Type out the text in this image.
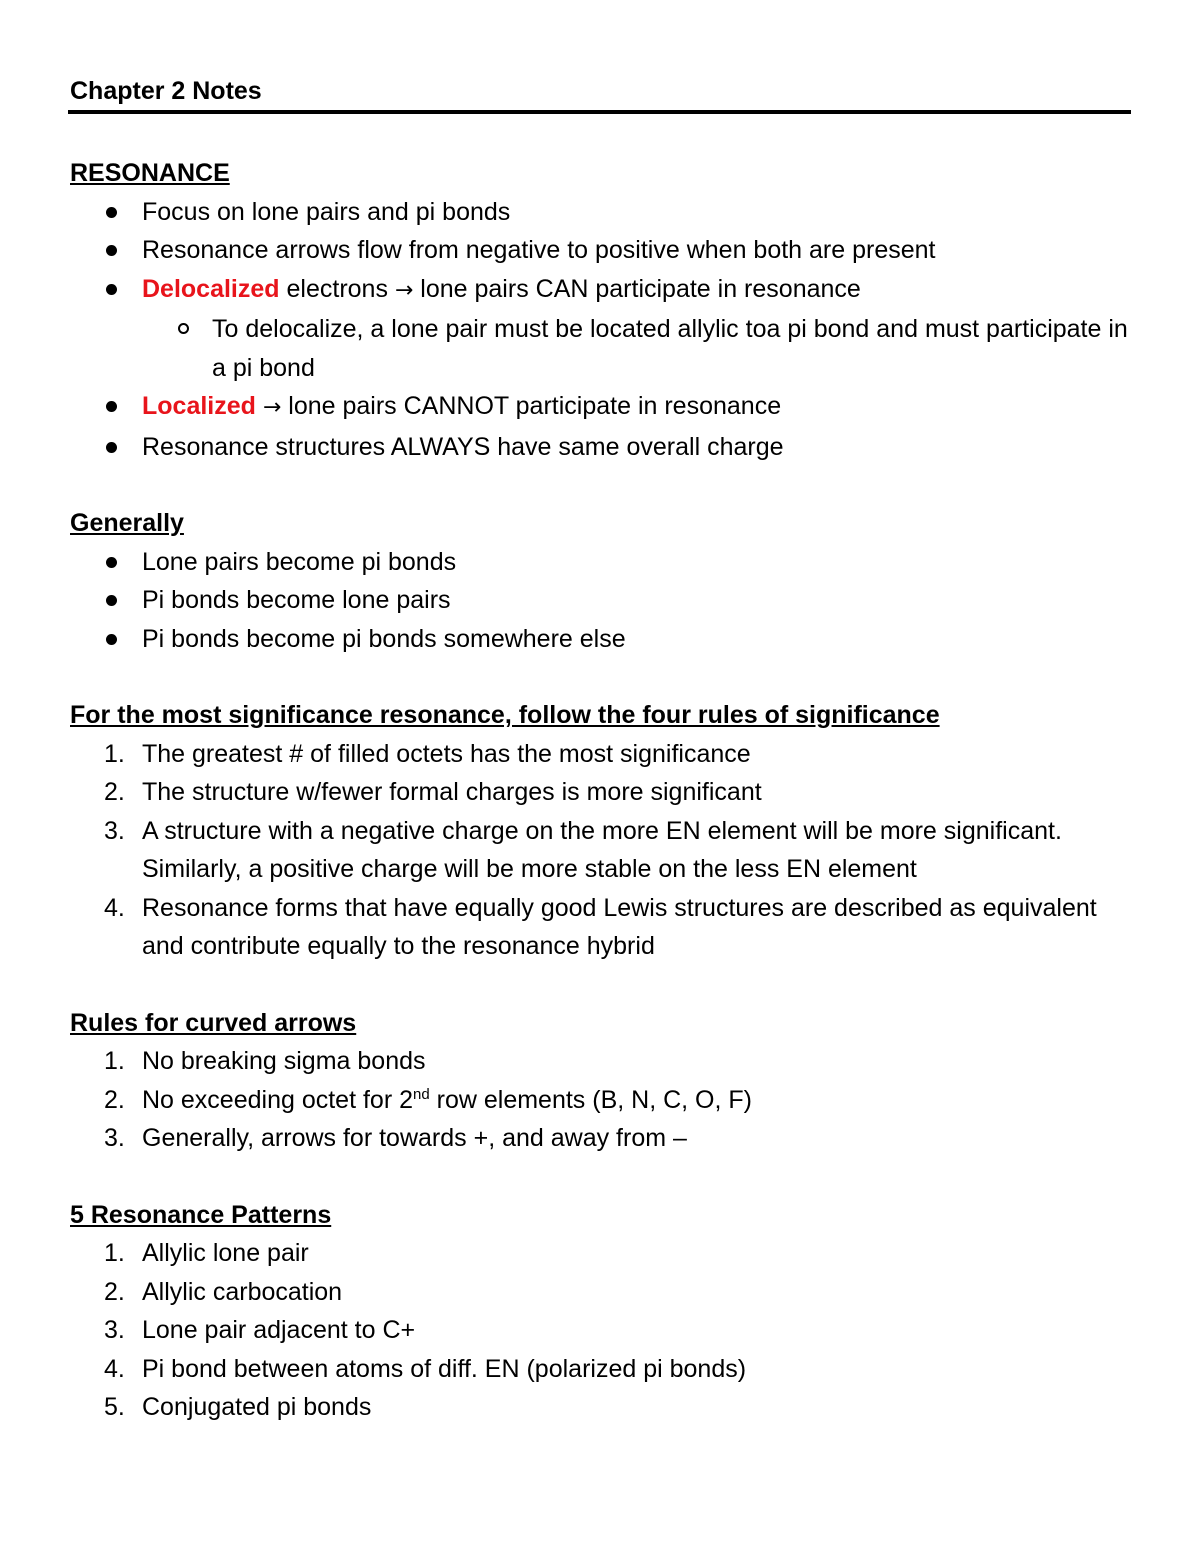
Chapter 2 Notes

RESONANCE

Focus on lone pairs and pi bonds
Resonance arrows flow from negative to positive when both are present
Delocalized electrons → lone pairs CAN participate in resonance
To delocalize, a lone pair must be located allylic toa pi bond and must participate in a pi bond
Localized → lone pairs CANNOT participate in resonance
Resonance structures ALWAYS have same overall charge

Generally

Lone pairs become pi bonds
Pi bonds become lone pairs
Pi bonds become pi bonds somewhere else

For the most significance resonance, follow the four rules of significance

1. The greatest # of filled octets has the most significance
2. The structure w/fewer formal charges is more significant
3. A structure with a negative charge on the more EN element will be more significant. Similarly, a positive charge will be more stable on the less EN element
4. Resonance forms that have equally good Lewis structures are described as equivalent and contribute equally to the resonance hybrid

Rules for curved arrows

1. No breaking sigma bonds
2. No exceeding octet for 2nd row elements (B, N, C, O, F)
3. Generally, arrows for towards +, and away from –

5 Resonance Patterns

1. Allylic lone pair
2. Allylic carbocation
3. Lone pair adjacent to C+
4. Pi bond between atoms of diff. EN (polarized pi bonds)
5. Conjugated pi bonds
